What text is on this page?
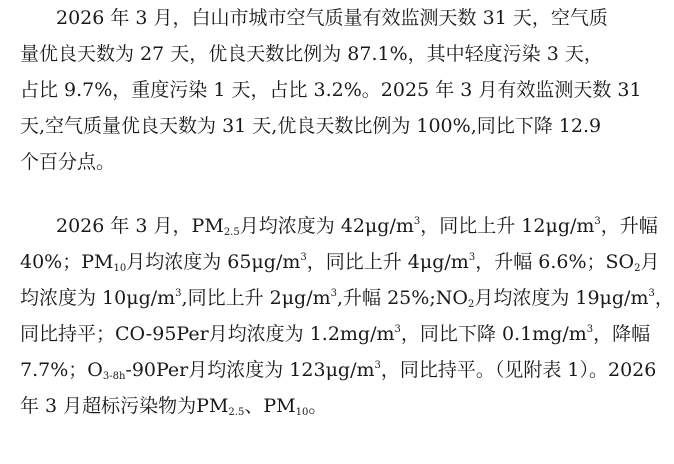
2026 年 3 月，白山市城市空气质量有效监测天数 31 天，空气质
量优良天数为 27 天，优良天数比例为 87.1%，其中轻度污染 3 天，
占比 9.7%，重度污染 1 天，占比 3.2%。2025 年 3 月有效监测天数 31
天,空气质量优良天数为 31 天,优良天数比例为 100%,同比下降 12.9
个百分点。
2026 年 3 月，$PM_{2.5}$月均浓度为 $42\mu g/m^3$，同比上升 $12\mu g/m^3$，升幅
40%；$PM_{10}$月均浓度为 $65\mu g/m^3$，同比上升 $4\mu g/m^3$，升幅 6.6%；$SO_2$月
均浓度为 $10\mu g/m^3$,同比上升 $2\mu g/m^3$,升幅 $25\%;NO_2$月均浓度为 $19\mu g/m^3$，
同比持平；CO-95Per月均浓度为 $1.2mg/m^3$，同比下降 $0.1mg/m^3$，降幅
7.7%；$O_{3-8h}-90Per$月均浓度为 $123\mu g/m^3$，同比持平。（见附表 1）。2026
年 3 月超标污染物为$PM_{2.5}$、$PM_{10}$。
